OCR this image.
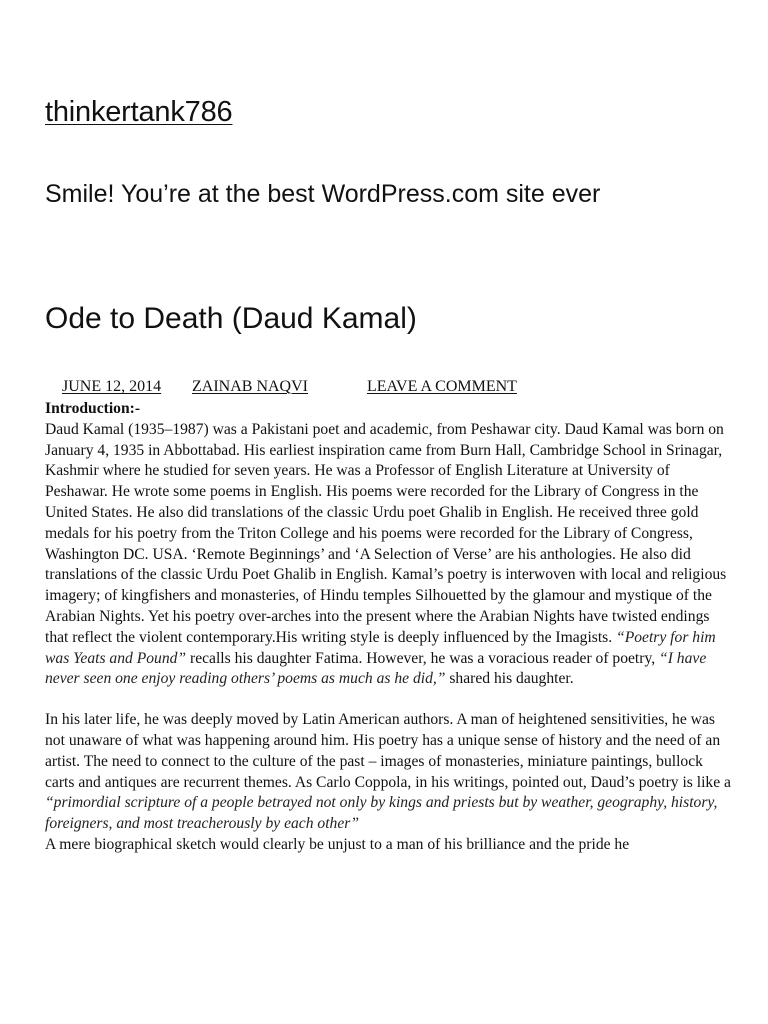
thinkertank786
Smile! You’re at the best WordPress.com site ever
Ode to Death (Daud Kamal)
JUNE 12, 2014 ZAINAB NAQVI	LEAVE A COMMENT

Introduction:-

Daud Kamal (1935–1987) was a Pakistani poet and academic, from Peshawar city. Daud Kamal was born on January 4, 1935 in Abbottabad. His earliest inspiration came from Burn Hall, Cambridge School in Srinagar, Kashmir where he studied for seven years. He was a Professor of English Literature at University of Peshawar. He wrote some poems in English. His poems were recorded for the Library of Congress in the United States. He also did translations of the classic Urdu poet Ghalib in English. He received three gold medals for his poetry from the Triton College and his poems were recorded for the Library of Congress, Washington DC. USA. ‘Remote Beginnings’ and ‘A Selection of Verse’ are his anthologies. He also did translations of the classic Urdu Poet Ghalib in English. Kamal’s poetry is interwoven with local and religious imagery; of kingfishers and monasteries, of Hindu temples Silhouetted by the glamour and mystique of the Arabian Nights. Yet his poetry over-arches into the present where the Arabian Nights have twisted endings that reflect the violent contemporary.His writing style is deeply influenced by the Imagists. “Poetry for him was Yeats and Pound” recalls his daughter Fatima. However, he was a voracious reader of poetry, “I have never seen one enjoy reading others’ poems as much as he did,” shared his daughter.

In his later life, he was deeply moved by Latin American authors. A man of heightened sensitivities, he was not unaware of what was happening around him. His poetry has a unique sense of history and the need of an artist. The need to connect to the culture of the past – images of monasteries, miniature paintings, bullock carts and antiques are recurrent themes. As Carlo Coppola, in his writings, pointed out, Daud’s poetry is like a “primordial scripture of a people betrayed not only by kings and priests but by weather, geography, history, foreigners, and most treacherously by each other”

A mere biographical sketch would clearly be unjust to a man of his brilliance and the pride he
